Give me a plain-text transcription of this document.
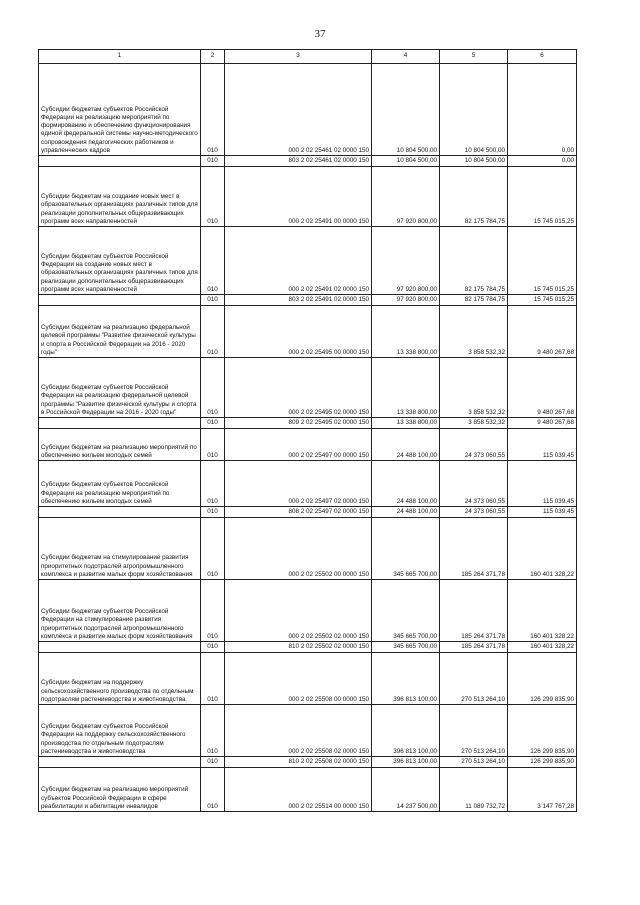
37
1	2	3	4	5	6
Субсидии бюджетам субъектов Российской Федерации на реализацию мероприятий по формированию и обеспечению функционирования единой федеральной системы научно-методического сопровождения педагогических работников и управленческих кадров	010	000 2 02 25461 02 0000 150	10 804 500,00	10 804 500,00	0,00
	010	803 2 02 25461 02 0000 150	10 804 500,00	10 804 500,00	0,00
Субсидии бюджетам на создание новых мест в образовательных организациях различных типов для реализации дополнительных общеразвивающих программ всех направленностей	010	000 2 02 25491 00 0000 150	97 920 800,00	82 175 784,75	15 745 015,25
Субсидии бюджетам субъектов Российской Федерации на создание новых мест в образовательных организациях различных типов для реализации дополнительных общеразвивающих программ всех направленностей	010	000 2 02 25491 02 0000 150	97 920 800,00	82 175 784,75	15 745 015,25
	010	803 2 02 25491 02 0000 150	97 920 800,00	82 175 784,75	15 745 015,25
Субсидии бюджетам на реализацию федеральной целевой программы "Развитие физической культуры и спорта в Российской Федерации на 2016 - 2020 годы"	010	000 2 02 25495 00 0000 150	13 338 800,00	3 858 532,32	9 480 267,68
Субсидии бюджетам субъектов Российской Федерации на реализацию федеральной целевой программы "Развитие физической культуры и спорта в Российской Федерации на 2016 - 2020 годы"	010	000 2 02 25495 02 0000 150	13 338 800,00	3 858 532,32	9 480 267,68
	010	809 2 02 25495 02 0000 150	13 338 800,00	3 858 532,32	9 480 267,68
Субсидии бюджетам на реализацию мероприятий по обеспечению жильем молодых семей	010	000 2 02 25497 00 0000 150	24 488 100,00	24 373 060,55	115 039,45
Субсидии бюджетам субъектов Российской Федерации на реализацию мероприятий по обеспечению жильем молодых семей	010	000 2 02 25497 02 0000 150	24 488 100,00	24 373 060,55	115 039,45
	010	808 2 02 25497 02 0000 150	24 488 100,00	24 373 060,55	115 039,45
Субсидии бюджетам на стимулирование развития приоритетных подотраслей агропромышленного комплекса и развитие малых форм хозяйствования	010	000 2 02 25502 00 0000 150	345 665 700,00	185 264 371,78	160 401 328,22
Субсидии бюджетам субъектов Российской Федерации на стимулирование развития приоритетных подотраслей агропромышленного комплекса и развитие малых форм хозяйствования	010	000 2 02 25502 02 0000 150	345 665 700,00	185 264 371,78	160 401 328,22
	010	810 2 02 25502 02 0000 150	345 665 700,00	185 264 371,78	160 401 328,22
Субсидии бюджетам на поддержку сельскохозяйственного производства по отдельным подотраслям растениеводства и животноводства	010	000 2 02 25508 00 0000 150	396 813 100,00	270 513 264,10	126 299 835,90
Субсидии бюджетам субъектов Российской Федерации на поддержку сельскохозяйственного производства по отдельным подотраслям растениеводства и животноводства	010	000 2 02 25508 02 0000 150	396 813 100,00	270 513 264,10	126 299 835,90
	010	810 2 02 25508 02 0000 150	396 813 100,00	270 513 264,10	126 299 835,90
Субсидии бюджетам на реализацию мероприятий субъектов Российской Федерации в сфере реабилитации и абилитации инвалидов	010	000 2 02 25514 00 0000 150	14 237 500,00	11 089 732,72	3 147 767,28
